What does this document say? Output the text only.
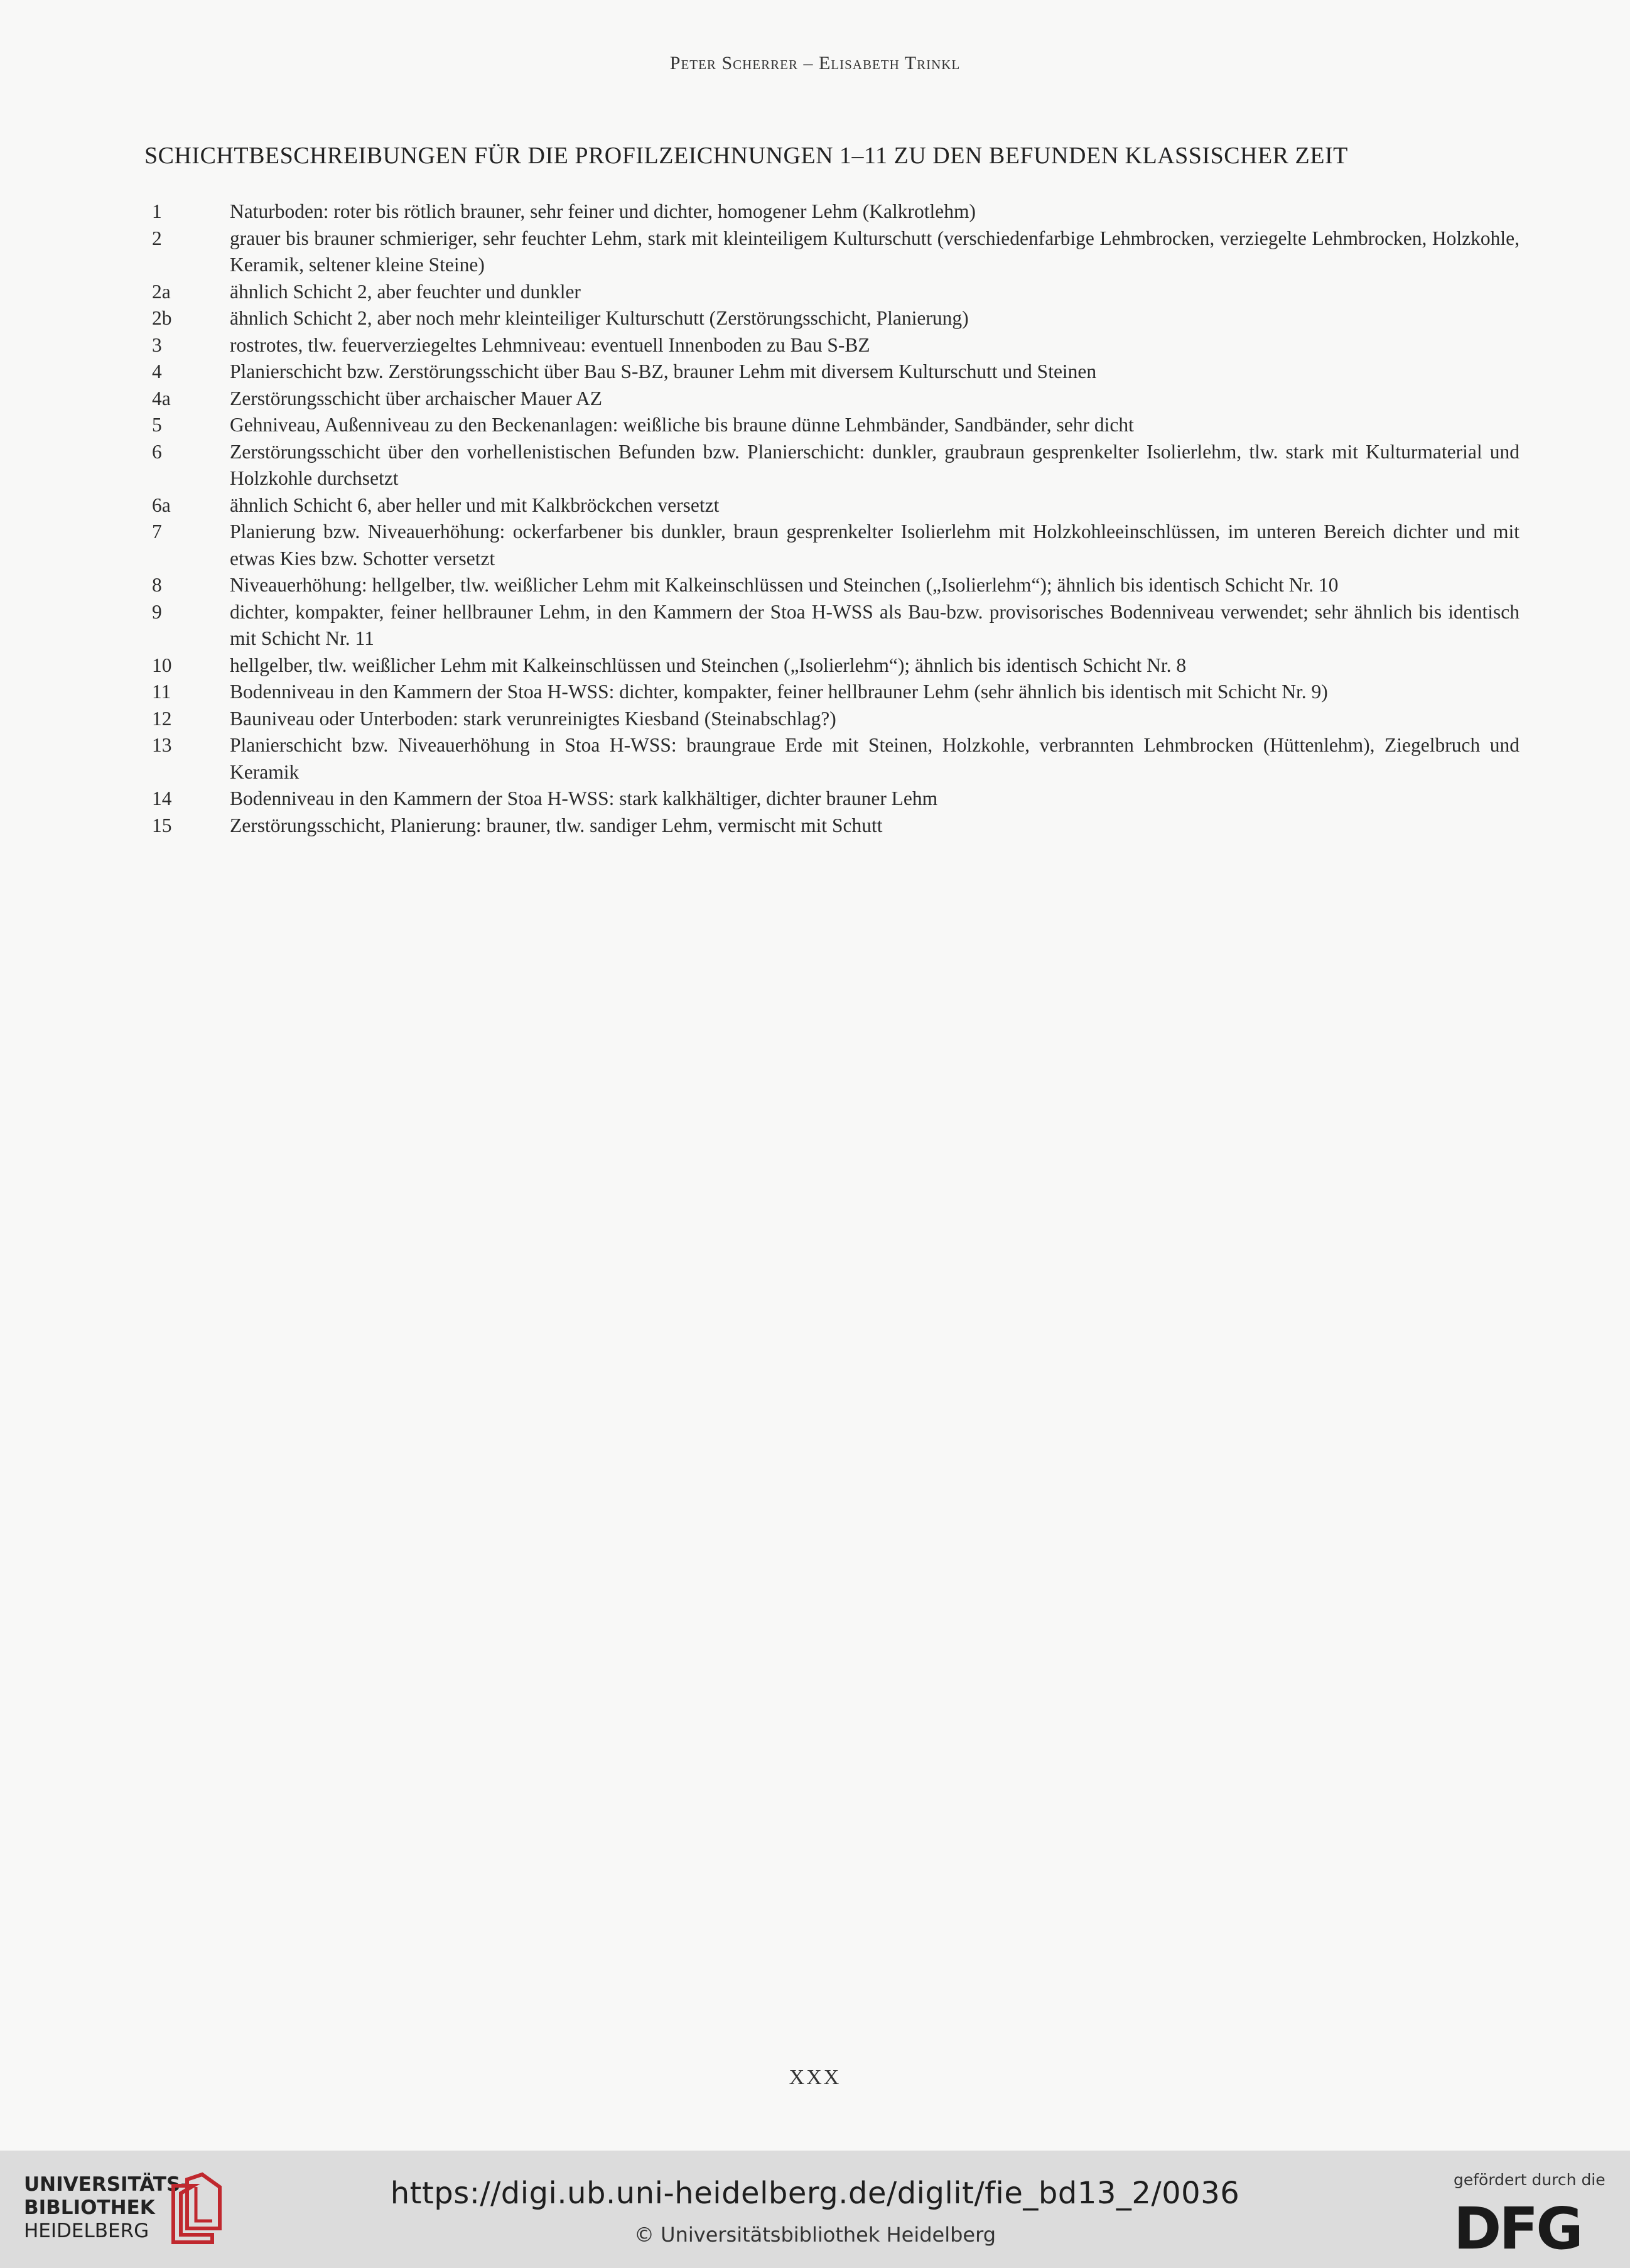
Peter Scherrer – Elisabeth Trinkl
SCHICHTBESCHREIBUNGEN FÜR DIE PROFILZEICHNUNGEN 1–11 ZU DEN BEFUNDEN KLASSISCHER ZEIT
1	Naturboden: roter bis rötlich brauner, sehr feiner und dichter, homogener Lehm (Kalkrotlehm)
2	grauer bis brauner schmieriger, sehr feuchter Lehm, stark mit kleinteiligem Kulturschutt (verschiedenfarbige Lehmbrocken, verziegelte Lehmbrocken, Holzkohle, Keramik, seltener kleine Steine)
2a	ähnlich Schicht 2, aber feuchter und dunkler
2b	ähnlich Schicht 2, aber noch mehr kleinteiliger Kulturschutt (Zerstörungsschicht, Planierung)
3	rostrotes, tlw. feuerverziegeltes Lehmniveau: eventuell Innenboden zu Bau S-BZ
4	Planierschicht bzw. Zerstörungsschicht über Bau S-BZ, brauner Lehm mit diversem Kulturschutt und Steinen
4a	Zerstörungsschicht über archaischer Mauer AZ
5	Gehniveau, Außenniveau zu den Beckenanlagen: weißliche bis braune dünne Lehmbänder, Sandbänder, sehr dicht
6	Zerstörungsschicht über den vorhellenistischen Befunden bzw. Planierschicht: dunkler, graubraun gesprenkelter Isolierlehm, tlw. stark mit Kulturmaterial und Holzkohle durchsetzt
6a	ähnlich Schicht 6, aber heller und mit Kalkbröckchen versetzt
7	Planierung bzw. Niveauerhöhung: ockerfarbener bis dunkler, braun gesprenkelter Isolierlehm mit Holzkohleeinschlüssen, im unteren Bereich dichter und mit etwas Kies bzw. Schotter versetzt
8	Niveauerhöhung: hellgelber, tlw. weißlicher Lehm mit Kalkeinschlüssen und Steinchen („Isolierlehm“); ähnlich bis identisch Schicht Nr. 10
9	dichter, kompakter, feiner hellbrauner Lehm, in den Kammern der Stoa H-WSS als Bau-bzw. provisorisches Bodenniveau verwendet; sehr ähnlich bis identisch mit Schicht Nr. 11
10	hellgelber, tlw. weißlicher Lehm mit Kalkeinschlüssen und Steinchen („Isolierlehm“); ähnlich bis identisch Schicht Nr. 8
11	Bodenniveau in den Kammern der Stoa H-WSS: dichter, kompakter, feiner hellbrauner Lehm (sehr ähnlich bis identisch mit Schicht Nr. 9)
12	Bauniveau oder Unterboden: stark verunreinigtes Kiesband (Steinabschlag?)
13	Planierschicht bzw. Niveauerhöhung in Stoa H-WSS: braungraue Erde mit Steinen, Holzkohle, verbrannten Lehmbrocken (Hüttenlehm), Ziegelbruch und Keramik
14	Bodenniveau in den Kammern der Stoa H-WSS: stark kalkhältiger, dichter brauner Lehm
15	Zerstörungsschicht, Planierung: brauner, tlw. sandiger Lehm, vermischt mit Schutt
XXX
UNIVERSITÄTS-
BIBLIOTHEK
HEIDELBERG
https://digi.ub.uni-heidelberg.de/diglit/fie_bd13_2/0036
© Universitätsbibliothek Heidelberg
gefördert durch die
DFG
